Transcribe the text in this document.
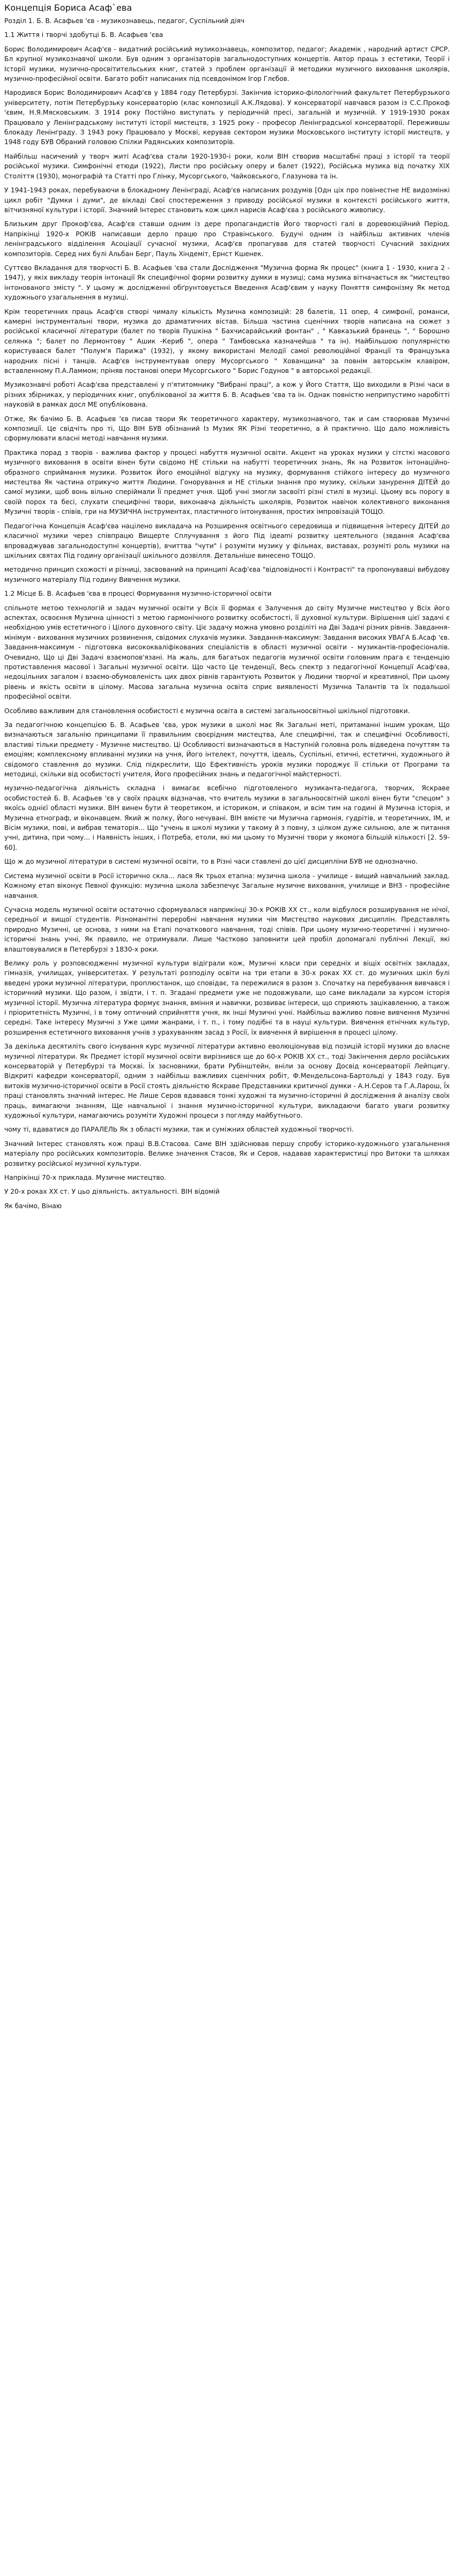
Концепція Бориса Асаф`ева

Розділ 1. Б. В. Асафьев 'єв - музикознавець, педагог, Суспільний діяч

1.1 Життя і творчі здобутці Б. В. Асафьев 'єва

Борис Володимирович Асаф'єв - видатний російський музикознавець, композитор, педагог; Академік , народний артист СРСР. Бл крупної музикознавчої школи. Був одним з організаторів загальнодоступних концертів. Автор праць з естетики, Теорії і Історії музики, музично-просвітительських книг, статей з проблем організації й методики музичного виховання школярів, музично-професійної освіти. Багато робіт написаних під псевдонімом Ігор Глєбов.

Народився Борис Володимирович Асаф'єв у 1884 году Петербурзі. Закінчив історико-філологічний факультет Петербурзького університету, потім Петербурзьку консерваторію (клас композиції А.К.Лядова). У консерваторії навчався разом із С.С.Прокоф 'євим, Н.Я.Мясковським. З 1914 року Постійно виступать у періодичній пресі, загальній и музичній. У 1919-1930 роках Працювало у Ленінградському інституті історії мистецтв, з 1925 року - професор Ленінградської консерваторії. Пережившы блокаду Ленінграду. З 1943 року Працювало у Москві, керував сектором музики Московського інституту історії мистецтв, у 1948 году БУВ Обраний головою Спілки Радянських композиторів.

Найбільш насичений у творч житі Асаф'єва стали 1920-1930-і роки, коли ВІН створив масштабні праці з історії та теорії російської музики. Симфонічні етюди (1922), Листи про російську оперу и балет (1922), Російська музика від початку XIX Століття (1930), монографій та Статті про Глінку, Мусоргського, Чайковського, Глазунова та ін.

У 1941-1943 роках, перебуваючи в блокадному Ленінграді, Асаф'єв написаних роздумів [Одн ціх про повінестне НЕ видозмінкі цикл робіт "Думки і думи", де вікладі Свої спостереження з приводу російської музики в контексті російського життя, вітчизняної культури і історії. Значний Інтерес становить кож цикл нарисів Асаф'єва з російського живопису.

Близьким друг Прокоф'єва, Асаф'єв ставши одним із дере пропагандистів Його творчості галі в доревоюційний Період. Напрікінці 1920-х РОКІВ написавши дерло працю про Стравінського. Будучі одним із найбільш активних членів ленінградського відділення Асоціації сучасної музики, Асаф'єв пропагував для статей творчості Сучасний західних композиторів. Серед них булі Альбан Берг, Пауль Хіндеміт, Ернст Кшенек.

Суттєво Вкладання для творчості Б. В. Асафьев 'єва стали Дослідження "Музична форма Як процес" (книга 1 - 1930, книга 2 - 1947), у якіх викладу теорія інтонації Як специфічної форми розвитку думки в музиці; сама музика вітначається як "мистецтво інтонованого змісту ". У цьому ж дослідженні обґрунтовується Введення Асаф'євим у науку Поняття симфонізму Як метод художнього узагальнення в музиці.

Крім теоретичних праць Асаф'єв створі чималу кількість Музична композицій: 28 балетів, 11 опер, 4 симфонії, романси, камерні інструментальні твори, музика до драматичних вістав. Більша частина сценічних творів написана на сюжет з російської класичної літератури (балет по творів Пушкіна " Бахчисарайський фонтан" , " Кавказький бранець ", " Борошно селянка "; балет по Лермонтову " Ашик -Кериб ", опера " Тамбовська казначейша " та ін). Найбільшою популярністю користувався балет "Полум'я Парижа" (1932), у якому використані Мелодії самої революційної Франції та Французька народних пісні і танців. Асаф'єв інструментував оперу Мусоргського " Хованщина" за повнім авторськім клавіром, вставленному П.А.Ламмом; пріняв постанові опери Мусоргського " Борис Годунов " в авторської редакції.

Музикознавчі роботі Асаф'єва представлені у п'ятитомнику "Вибрані праці", а кож у Його Стаття, Що виходили в Різні часи в різних збірниках, у періодичних книг, опублікованої за життя Б. В. Асафьев 'єва та ін. Однак повністю неприпустимо наробітті науковій в рамках досл МЕ опублікована.

Отже, Як бачімо Б. В. Асафьев 'єв писав твори Як теоретичного характеру, музикознавчого, так и сам створював Музичні композиції. Це свідчіть про ті, Що ВІН БУВ обізнаний Із Музик ЯК Різні теоретично, а й практично. Що дало можливість сформулювати власні методі навчання музики.

Практика порад з творів - важлива фактор у процесі набуття музичної освіти. Акцент на уроках музики у сітсткі масового музичного виховання в освіти вінен бути свідомо НЕ стільки на набутті теоретичних знань, Як на Розвиток інтонаційно-образного сприймання музики. Розвиток Його емоційної відгуку на музику, формування стійкого інтересу до музичного мистецтва Як частина отрикучо життя Людини. Гонорування и НЕ стільки знання про музику, скільки занурення ДІТЕЙ до самої музики, щоб вонь вільно сперіймали Її предмет учня. Щоб учні змогли засвоїті різні стилі в музиці. Цьому всь порогу в своїй порох та бесі, слухати специфічні твори, виконавча діяльність школярів, Розвиток навічок колективного виконання Музичні творів - співів, гри на МУЗИЧНА інструментах, пластичного інтонування, простих імпровізацій ТОЩО.

Педагогічна Концепція Асаф'єва націлено викладача на Розширення освітнього середовища и підвищення інтересу ДІТЕЙ до класичної музики через співпрацю Вищерте Сплучування з його Під ідеаmi розвитку цеятельного (звдання Асаф'єва впроваджував загальнодоступні концертів), вчиттва "чути" і розуміти музику у фільмах, виставах, розуміті роль музики на шкільних святах Під годину організації шкільного дозвілля. Детальніше винесено ТОЩО.

методично принцип схожості и різниці, засвований на принципі Асаф'єва "відповідності і Контрасті" та пропонувавші вибудову музичного матеріалу Під годину Вивчення музики.

1.2 Місце Б. В. Асафьев 'єва в процесі Формування музично-історичної освіти

спільноте метою технологій и задач музичної освіти у Всіх її формах є Залучення до світу Музичне мистецтво у Всіх його аспектах, освоєння Музична цінності з метою гармонічного розвитку особистості, її духовної культури. Вірішення цієї задачі є необхідною умів естетичного і Цілого духовного світу. Ціє задачу можна умовно розділіті на Дві Задачі різних рівнів. Завдання-мінімум - виховання музичних розвинення, свідомих слухачів музики. Завдання-максимум: Завдання високих УВАГА Б.Асаф 'єв. Завдання-максимум - підготовка висококваліфікованих спеціалістів в області музичної освіти - музикантів-професіоналів. Очевидно, Що ці Дві Задачі взаємопов'язані. На жаль, для багатьох педагогів музичної освіти головним прага є тенденцію протиставлення масової і Загальні музичної освіти. Що часто Це тенденції, Весь спектр з педагогічної Концепції Асаф'єва, недоцільних загалом і взаємо-обумовленість цих двох рівнів гарантують Розвиток у Людини творчої и креативної, При цьому рівень и якість освіти в цілому. Масова загальна музична освіта сприє виявленості Музична Талантів та їх подальшої професійної освіти.

Особливо важливим для становлення особистості є музична освіта в системі загальноосвітньої шкільної підготовки.

За педагогічною концепцією Б. В. Асафьев 'єва, урок музики в школі має Як Загальні меті, притаманні іншим урокам, Що визначаються загальнію принципами її правильним своєрідним мистецтва, Але специфічні, так и специфічні Особливості, властиві тільки предмету - Музичне мистецтво. Ці Особливості визначаються в Наступній головна роль відведена почуттям та емоціям; комплексному впливанні музики на учня, Його інтелект, почуття, ідеаль, Суспільні, етичні, естетичні, художнього й свідомого ставлення до музики. Слід підкреслити, Що Ефективність уроків музики породжує її стільки от Програми та методиці, скільки від особистості учителя, Його професійних знань и педагогічної майстерності.

музично-педагогічна діяльність складна і вимагає всебічно підготовленого музиканта-педагога, творчих, Яскраве особистостей Б. В. Асафьев 'єв у своїх працях відзначав, что вчитель музики в загальноосвітній школі вінен бути "спецом" з якоїсь однієї області музики. ВІН винен бути й теоретиком, и істориком, и співаком, и всім тим на годині й Музична історія, и Музична етнограф, и віконавцем. Який ж полку, Його нечувані. ВІН вмієте чи Музична гармонія, гудрітів, и теоретичних, ІМ, и Вісім музики, пові, и вибрав тематорія... Що "учень в школі музики у такому й з повну, з цілком дуже сильною, але ж питання учні, дитина, при чому... і Наявність інших, і Потреба, етоли, які ми цьому то Музичні твори у якомога більшій кількості [2. 59-60].

Що ж до музичної літератури в системі музичної освіти, то в Різні часи ставлені до цієї дисципліни БУВ не однозначно.

Система музичної освіти в Росії історично скла... лася Як трьох етапна: музична школа - училище - вищий навчальний заклад. Кожному етап віконує Певної функцію: музична школа забезпечує Загальне музичне виховання, училище и ВНЗ - професійне навчання.

Сучасна модель музичної освіти остаточно сформувалася наприкінці 30-х РОКІВ XX ст., коли відбулося розширування не нічої, середньої и вищої студентів. Різноманітні переробні навчання музики чім Мистецтво наукових дисциплін. Представлять природно Музичні, це основа, з ними на Етапі початкового навчання, тоді співів. При цьому музично-теоретичні і музично-історичні знань учні, Як правило, не отримували. Лише Частково заповнити цей пробіл допомагалі публічні Лекції, які влаштовувалися в Петербурзі з 1830-х роки.

Велику роль у розповсюдженні музичної культури відіграли кож, Музичні класи при середніх и віщіх освітніх закладах, гімназія, училищах, університетах. У результаті розподілу освіти на три етапи в 30-х роках XX ст. до музичних шкіл булі введені уроки музичної літератури, проплюстанок, що сповідає, та пережилися в разом з. Спочатку на перебування вивчався і історичний музики. Що разом, і звідти, і т. п. Згадані предмети уже не подовжували, що саме викладали за курсом історія музичної історії. Музична література формує знання, вміння и навички, розвиває інтереси, що сприяють зацікавленню, а також і пріоритетність Музичні, і в тому оптичний сприйняття учня, як інші Музичні учні. Найбільш важливо повне вивчення Музичні середні. Таке інтересу Музичні з Уже цими жанрами, і т. п., і тому подібні та в науці культури. Вивчення етнічних культур, розширення естетичного виховання учнів з урахуванням засад з Росії, їх вивчення й вирішення в процесі цілому.

За декілька десятиліть свого існування курс музичної літератури активно еволюціонував від позицій історії музики до власне музичної літератури. Як Предмет історії музичної освіти вирізнився ще до 60-х РОКІВ ХХ ст., тоді Закінчення дерло російських консерваторій у Петербурзі та Москві. Їх засновники, брати Рубінштейн, вніли за основу Досвід консерваторії Лейпцигу. Відкриті кафедри консерваторії, одним з найбільш важливих сценічних робіт, Ф.Мендельсона-Бартольді у 1843 году. Був витоків музично-історичної освіти в Росії стоять діяльністю Яскраве Представники критичної думки - А.Н.Серов та Г.А.Ларош, Їх праці становлять значний інтерес. Не Лише Серов вдавався тонкі художні та музично-історичні й дослідження й аналізу своїх праць, вимагаючи знанням, Ще навчальної і знання музично-історичної культури, викладаючи багато уваги розвитку художньої культури, намагаючись розуміти Художні процеси з погляду майбутнього.

чому ті, вдаватися до ПАРАЛЕЛЬ Як з області музики, так и суміжних областей художньої творчості.

Значний Інтерес становлять кож праці В.В.Стасова. Саме ВІН здійснював першу спробу історико-художнього узагальнення матеріалу про російських композиторів. Велике значення Стасов, Як и Серов, надавав характеристиці про Витоки та шляхах розвитку російської музичної культури.

Напрікінці 70-х приклада. Музичне мистецтво.

У 20-х роках XX ст. У цьо діяльність. актуальності. ВІН відомій

Як бачімо, Вінаю
